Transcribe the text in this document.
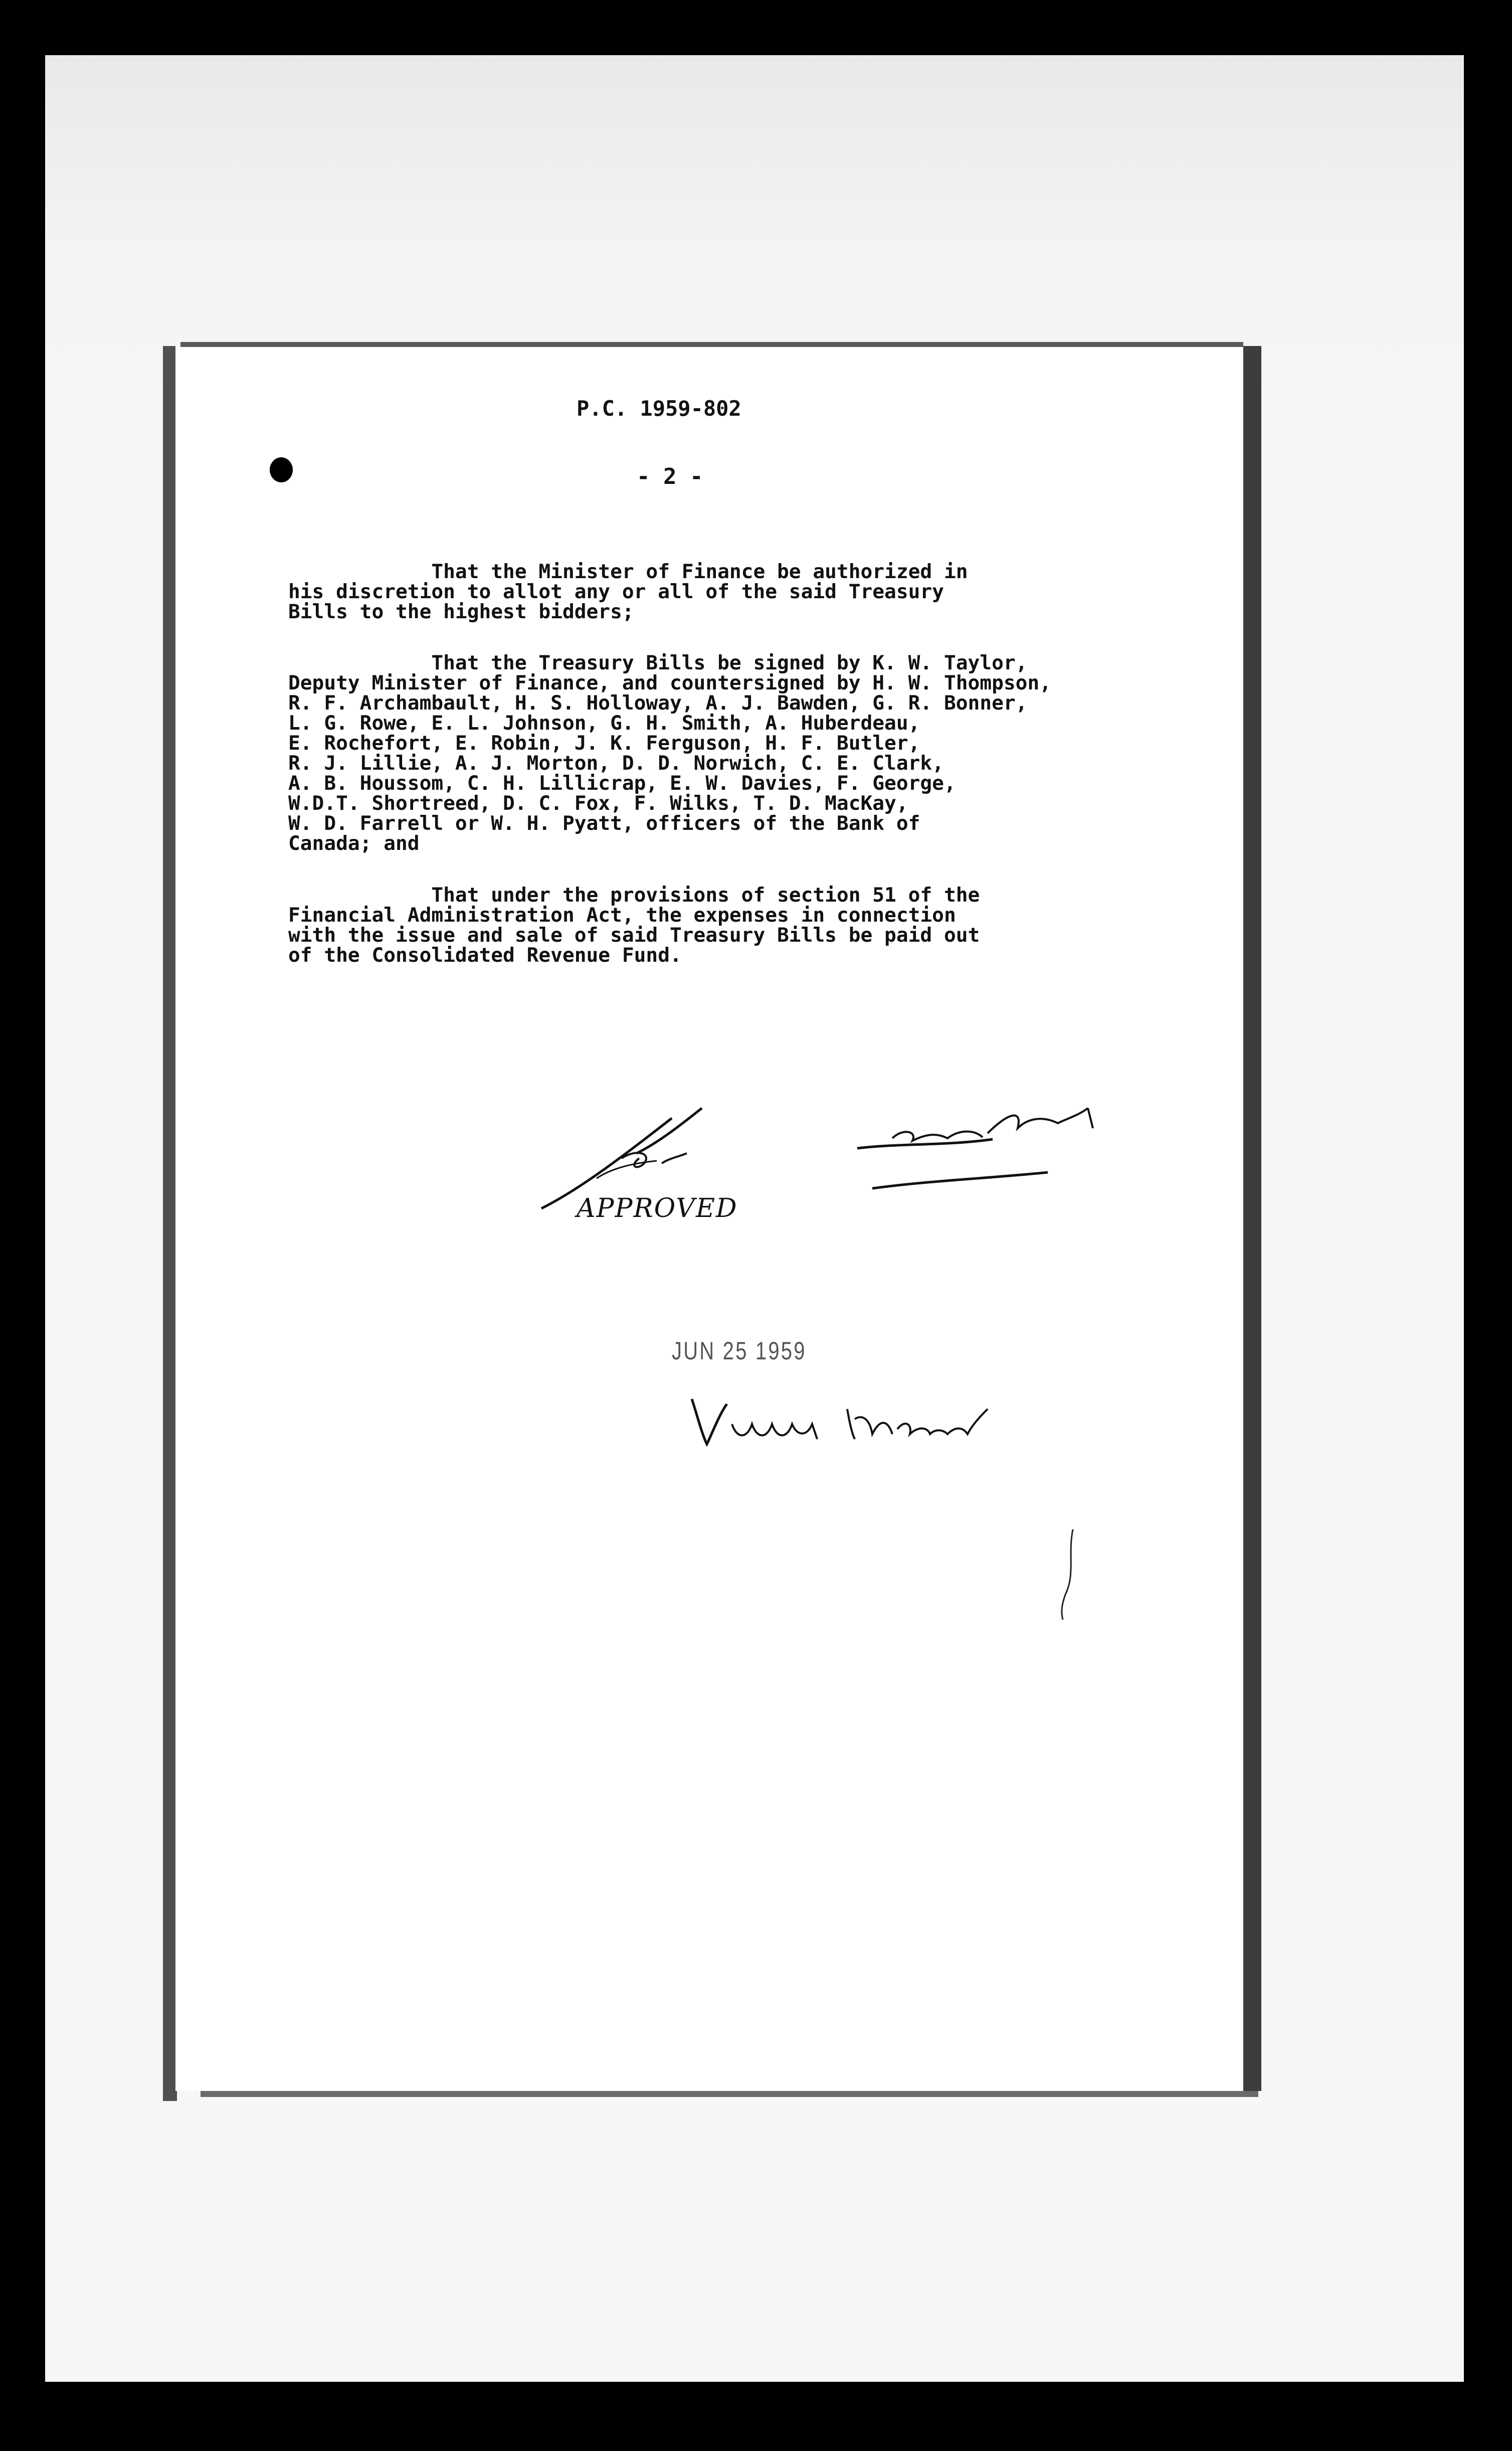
P.C. 1959-802
- 2 -
That the Minister of Finance be authorized in
his discretion to allot any or all of the said Treasury
Bills to the highest bidders;
That the Treasury Bills be signed by K. W. Taylor,
Deputy Minister of Finance, and countersigned by H. W. Thompson,
R. F. Archambault, H. S. Holloway, A. J. Bawden, G. R. Bonner,
L. G. Rowe, E. L. Johnson, G. H. Smith, A. Huberdeau,
E. Rochefort, E. Robin, J. K. Ferguson, H. F. Butler,
R. J. Lillie, A. J. Morton, D. D. Norwich, C. E. Clark,
A. B. Houssom, C. H. Lillicrap, E. W. Davies, F. George,
W.D.T. Shortreed, D. C. Fox, F. Wilks, T. D. MacKay,
W. D. Farrell or W. H. Pyatt, officers of the Bank of
Canada; and
That under the provisions of section 51 of the
Financial Administration Act, the expenses in connection
with the issue and sale of said Treasury Bills be paid out
of the Consolidated Revenue Fund.
APPROVED
JUN 25 1959
